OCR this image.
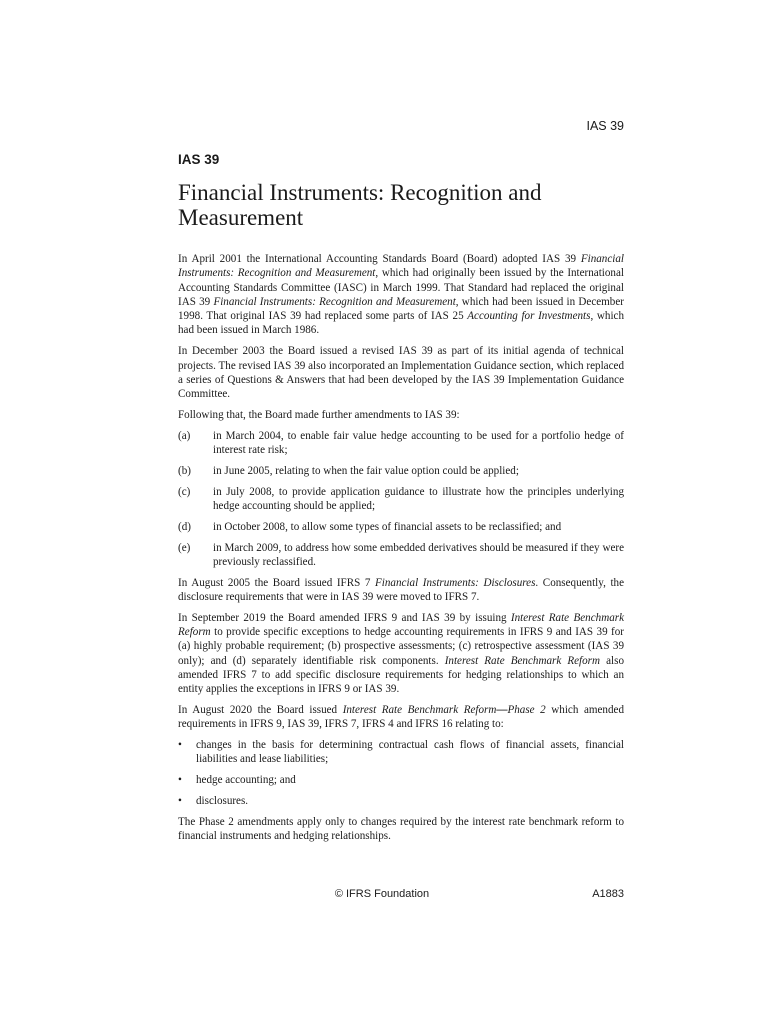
IAS 39
IAS 39
Financial Instruments: Recognition and Measurement

In April 2001 the International Accounting Standards Board (Board) adopted IAS 39 Financial Instruments: Recognition and Measurement, which had originally been issued by the International Accounting Standards Committee (IASC) in March 1999. That Standard had replaced the original IAS 39 Financial Instruments: Recognition and Measurement, which had been issued in December 1998. That original IAS 39 had replaced some parts of IAS 25 Accounting for Investments, which had been issued in March 1986.

In December 2003 the Board issued a revised IAS 39 as part of its initial agenda of technical projects. The revised IAS 39 also incorporated an Implementation Guidance section, which replaced a series of Questions & Answers that had been developed by the IAS 39 Implementation Guidance Committee.

Following that, the Board made further amendments to IAS 39:

(a) in March 2004, to enable fair value hedge accounting to be used for a portfolio hedge of interest rate risk;
(b) in June 2005, relating to when the fair value option could be applied;
(c) in July 2008, to provide application guidance to illustrate how the principles underlying hedge accounting should be applied;
(d) in October 2008, to allow some types of financial assets to be reclassified; and
(e) in March 2009, to address how some embedded derivatives should be measured if they were previously reclassified.

In August 2005 the Board issued IFRS 7 Financial Instruments: Disclosures. Consequently, the disclosure requirements that were in IAS 39 were moved to IFRS 7.

In September 2019 the Board amended IFRS 9 and IAS 39 by issuing Interest Rate Benchmark Reform to provide specific exceptions to hedge accounting requirements in IFRS 9 and IAS 39 for (a) highly probable requirement; (b) prospective assessments; (c) retrospective assessment (IAS 39 only); and (d) separately identifiable risk components. Interest Rate Benchmark Reform also amended IFRS 7 to add specific disclosure requirements for hedging relationships to which an entity applies the exceptions in IFRS 9 or IAS 39.

In August 2020 the Board issued Interest Rate Benchmark Reform—Phase 2 which amended requirements in IFRS 9, IAS 39, IFRS 7, IFRS 4 and IFRS 16 relating to:

• changes in the basis for determining contractual cash flows of financial assets, financial liabilities and lease liabilities;
• hedge accounting; and
• disclosures.

The Phase 2 amendments apply only to changes required by the interest rate benchmark reform to financial instruments and hedging relationships.

© IFRS Foundation	A1883
